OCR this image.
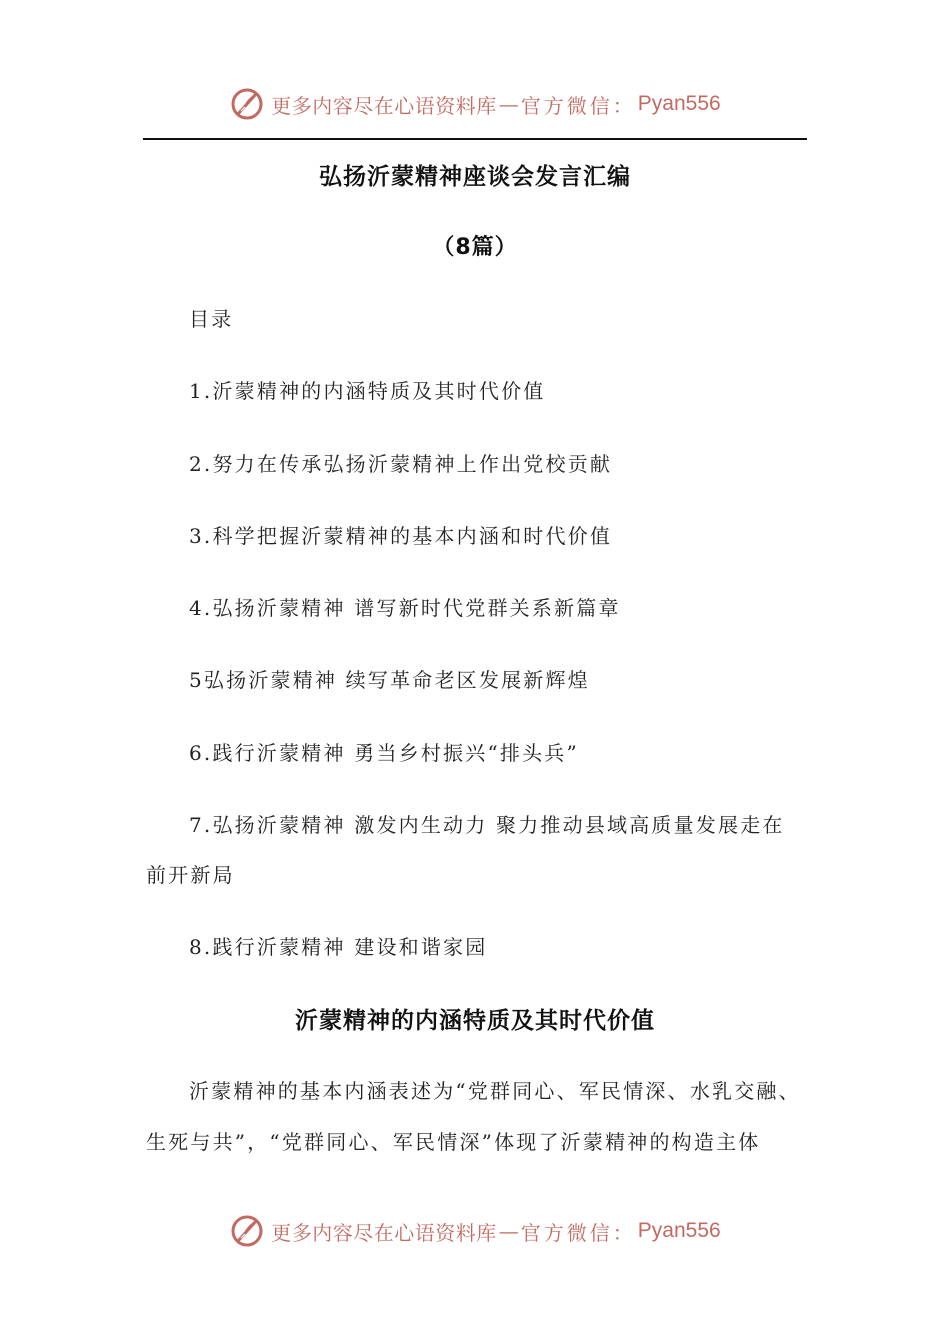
更多内容尽在心语资料库 — 官方微信： Pyan556
弘扬沂蒙精神座谈会发言汇编
（8篇）
目录
1.沂蒙精神的内涵特质及其时代价值
2.努力在传承弘扬沂蒙精神上作出党校贡献
3.科学把握沂蒙精神的基本内涵和时代价值
4.弘扬沂蒙精神 谱写新时代党群关系新篇章
5弘扬沂蒙精神 续写革命老区发展新辉煌
6.践行沂蒙精神 勇当乡村振兴“排头兵”
7.弘扬沂蒙精神 激发内生动力 聚力推动县域高质量发展走在
前开新局
8.践行沂蒙精神 建设和谐家园
沂蒙精神的内涵特质及其时代价值
沂蒙精神的基本内涵表述为“党群同心、军民情深、水乳交融、
生死与共”，“党群同心、军民情深”体现了沂蒙精神的构造主体
更多内容尽在心语资料库 — 官方微信： Pyan556
